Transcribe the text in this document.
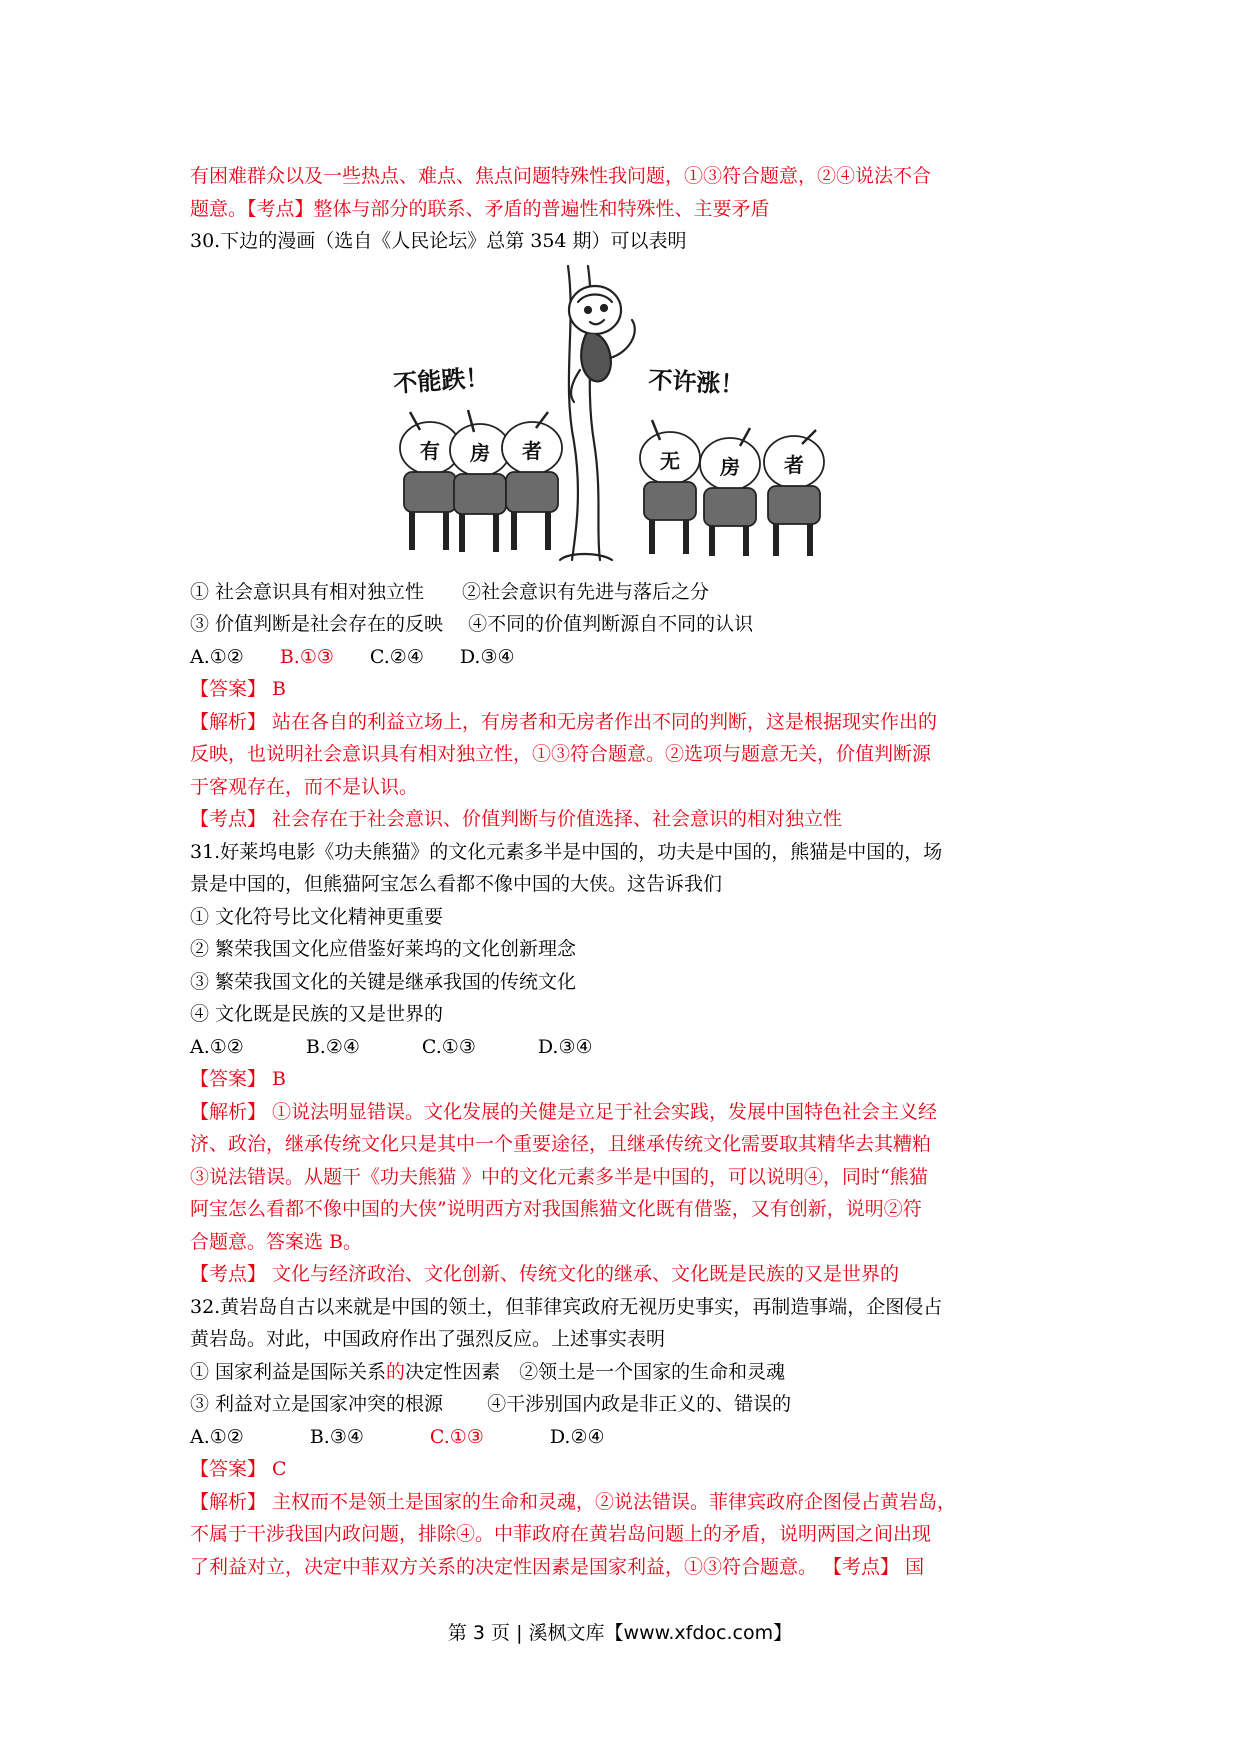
有困难群众以及一些热点、难点、焦点问题特殊性我问题，①③符合题意，②④说法不合
题意。【考点】整体与部分的联系、矛盾的普遍性和特殊性、主要矛盾
30.下边的漫画（选自《人民论坛》总第 354 期）可以表明
① 社会意识具有相对独立性　　②社会意识有先进与落后之分
③ 价值判断是社会存在的反映　 ④不同的价值判断源自不同的认识
A.①② B.①③ C.②④ D.③④
【答案】 B
【解析】 站在各自的利益立场上，有房者和无房者作出不同的判断，这是根据现实作出的
反映，也说明社会意识具有相对独立性，①③符合题意。②选项与题意无关，价值判断源
于客观存在，而不是认识。
【考点】 社会存在于社会意识、价值判断与价值选择、社会意识的相对独立性
31.好莱坞电影《功夫熊猫》的文化元素多半是中国的，功夫是中国的，熊猫是中国的，场
景是中国的，但熊猫阿宝怎么看都不像中国的大侠。这告诉我们
① 文化符号比文化精神更重要
② 繁荣我国文化应借鉴好莱坞的文化创新理念
③ 繁荣我国文化的关键是继承我国的传统文化
④ 文化既是民族的又是世界的
A.①②	B.②④	C.①③	D.③④
【答案】 B
【解析】 ①说法明显错误。文化发展的关健是立足于社会实践，发展中国特色社会主义经
济、政治，继承传统文化只是其中一个重要途径，且继承传统文化需要取其精华去其糟粕
③说法错误。从题干《功夫熊猫 》中的文化元素多半是中国的，可以说明④，同时“熊猫
阿宝怎么看都不像中国的大侠”说明西方对我国熊猫文化既有借鉴，又有创新，说明②符
合题意。答案选 B。
【考点】 文化与经济政治、文化创新、传统文化的继承、文化既是民族的又是世界的
32.黄岩岛自古以来就是中国的领土，但菲律宾政府无视历史事实，再制造事端，企图侵占
黄岩岛。对此，中国政府作出了强烈反应。上述事实表明
① 国家利益是国际关系的决定性因素　②领土是一个国家的生命和灵魂
③ 利益对立是国家冲突的根源　　 ④干涉别国内政是非正义的、错误的
A.①②	B.③④	C.①③	D.②④
【答案】 C
【解析】 主权而不是领土是国家的生命和灵魂，②说法错误。菲律宾政府企图侵占黄岩岛，
不属于干涉我国内政问题，排除④。中菲政府在黄岩岛问题上的矛盾，说明两国之间出现
了利益对立，决定中菲双方关系的决定性因素是国家利益，①③符合题意。 【考点】 国
不能跌！	不许涨！
有 房 者	无 房 者
第 3 页 | 溪枫文库【www.xfdoc.com】
